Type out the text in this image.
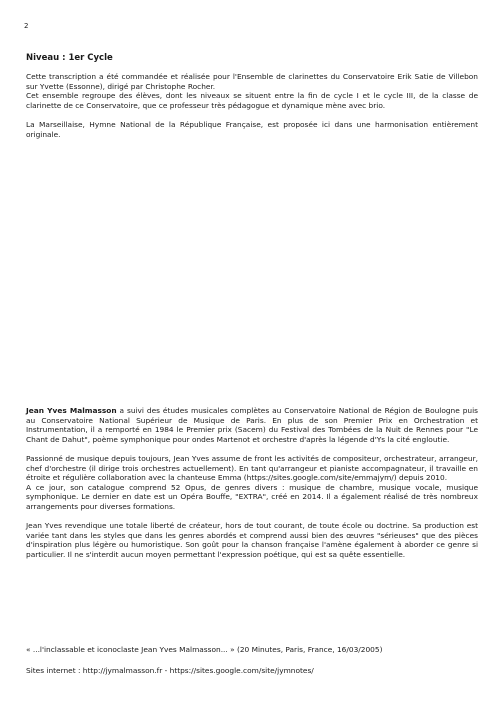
2
Niveau : 1er Cycle

Cette transcription a été commandée et réalisée pour l'Ensemble de clarinettes du Conservatoire Erik Satie de Villebon sur Yvette (Essonne), dirigé par Christophe Rocher.

Cet ensemble regroupe des élèves, dont les niveaux se situent entre la fin de cycle I et le cycle III, de la classe de clarinette de ce Conservatoire, que ce professeur très pédagogue et dynamique mène avec brio.

La Marseillaise, Hymne National de la République Française, est proposée ici dans une harmonisation entièrement originale.

Jean Yves Malmasson a suivi des études musicales complètes au Conservatoire National de Région de Boulogne puis au Conservatoire National Supérieur de Musique de Paris. En plus de son Premier Prix en Orchestration et Instrumentation, il a remporté en 1984 le Premier prix (Sacem) du Festival des Tombées de la Nuit de Rennes pour "Le Chant de Dahut", poème symphonique pour ondes Martenot et orchestre d'après la légende d'Ys la cité engloutie.

Passionné de musique depuis toujours, Jean Yves assume de front les activités de compositeur, orchestrateur, arrangeur, chef d'orchestre (il dirige trois orchestres actuellement). En tant qu'arrangeur et pianiste accompagnateur, il travaille en étroite et régulière collaboration avec la chanteuse Emma (https://sites.google.com/site/emmajym/) depuis 2010.

A ce jour, son catalogue comprend 52 Opus, de genres divers : musique de chambre, musique vocale, musique symphonique. Le dernier en date est un Opéra Bouffe, "EXTRA", créé en 2014. Il a également réalisé de très nombreux arrangements pour diverses formations.

Jean Yves revendique une totale liberté de créateur, hors de tout courant, de toute école ou doctrine. Sa production est variée tant dans les styles que dans les genres abordés et comprend aussi bien des œuvres "sérieuses" que des pièces d'inspiration plus légère ou humoristique. Son goût pour la chanson française l'amène également à aborder ce genre si particulier. Il ne s'interdit aucun moyen permettant l'expression poétique, qui est sa quête essentielle.

« ...l'inclassable et iconoclaste Jean Yves Malmasson... » (20 Minutes, Paris, France, 16/03/2005)
Sites internet : http://jymalmasson.fr - https://sites.google.com/site/jymnotes/
